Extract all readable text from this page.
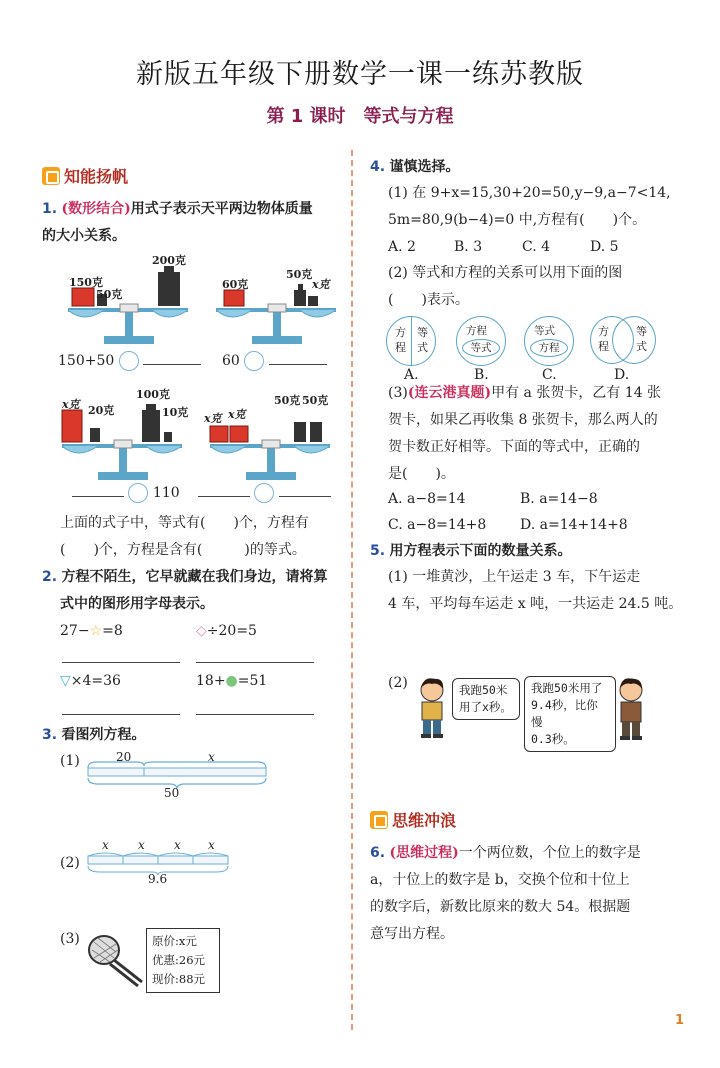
新版五年级下册数学一课一练苏教版
第 1 课时　等式与方程
知能扬帆
1. (数形结合)用式子表示天平两边物体质量
的大小关系。
150克
50克
200克
60克
50克
x克
150+50	60
x克 20克
100克
10克 x克 x克
50克 50克
110

上面的式子中，等式有(　　)个，方程有
(　　)个，方程是含有(　　　)的等式。
2. 方程不陌生，它早就藏在我们身边，请将算
式中的图形用字母表示。
27−☆=8	◇÷20=5
▽×4=36	18+●=51
3. 看图列方程。
(1)	20	x
50
(2)
x x x x
9.6
(3)	原价:x元
优惠:26元
现价:88元
4. 谨慎选择。
(1) 在 9+x=15,30+20=50,y−9,a−7<14,
5m=80,9(b−4)=0 中,方程有(　　)个。
A. 2	B. 3	C. 4	D. 5
(2) 等式和方程的关系可以用下面的图
(　　)表示。
方程
等式
方程
等式
等式
方程
方程
等式
A.	B.	C.	D.
(3)(连云港真题)甲有 a 张贺卡，乙有 14 张
贺卡，如果乙再收集 8 张贺卡，那么两人的
贺卡数正好相等。下面的等式中，正确的
是(　　)。
A. a−8=14	B. a=14−8
C. a−8=14+8 D. a=14+14+8
5. 用方程表示下面的数量关系。
(1) 一堆黄沙，上午运走 3 车，下午运走
4 车，平均每车运走 x 吨，一共运走 24.5 吨。
(2)	我跑50米
用了x秒。
我跑50米用了
9.4秒，比你慢
0.3秒。
思维冲浪
6. (思维过程)一个两位数，个位上的数字是
a，十位上的数字是 b，交换个位和十位上
的数字后，新数比原来的数大 54。根据题
意写出方程。
1
